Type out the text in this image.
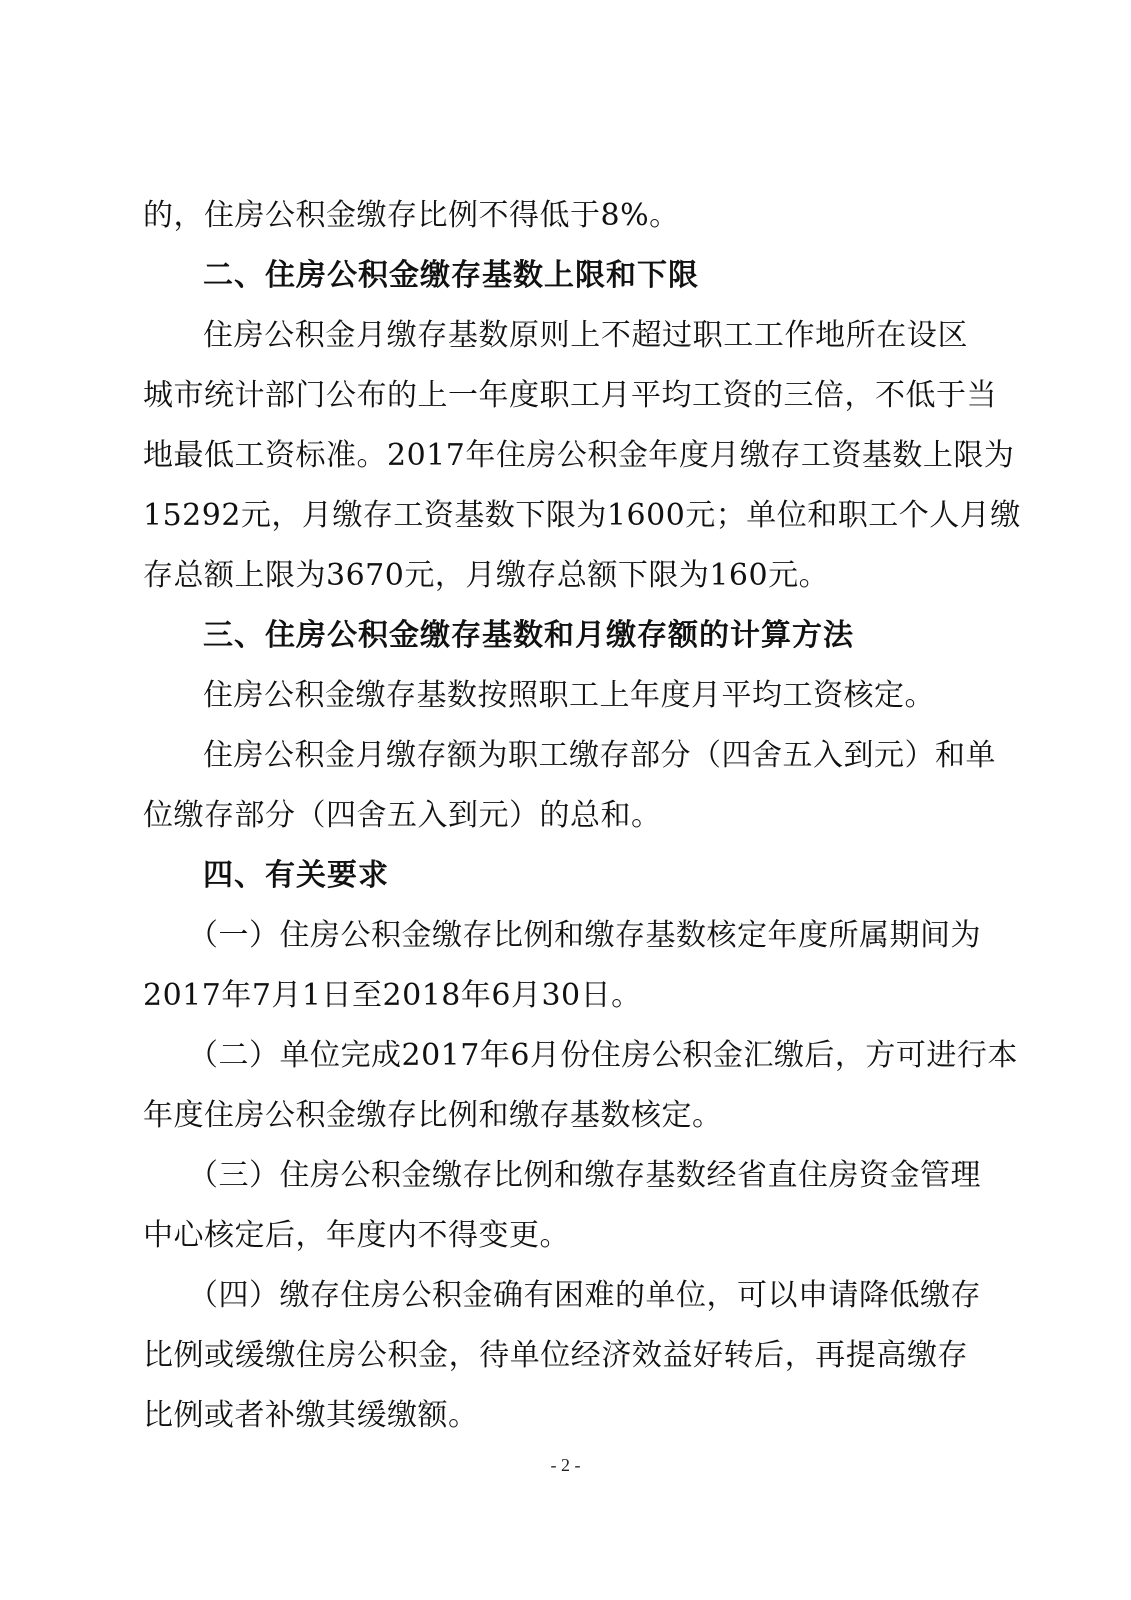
的，住房公积金缴存比例不得低于8%。
二、住房公积金缴存基数上限和下限
住房公积金月缴存基数原则上不超过职工工作地所在设区
城市统计部门公布的上一年度职工月平均工资的三倍，不低于当
地最低工资标准。2017年住房公积金年度月缴存工资基数上限为
15292元，月缴存工资基数下限为1600元；单位和职工个人月缴
存总额上限为3670元，月缴存总额下限为160元。
三、住房公积金缴存基数和月缴存额的计算方法
住房公积金缴存基数按照职工上年度月平均工资核定。
住房公积金月缴存额为职工缴存部分（四舍五入到元）和单
位缴存部分（四舍五入到元）的总和。
四、有关要求
（一）住房公积金缴存比例和缴存基数核定年度所属期间为
2017年7月1日至2018年6月30日。
（二）单位完成2017年6月份住房公积金汇缴后，方可进行本
年度住房公积金缴存比例和缴存基数核定。
（三）住房公积金缴存比例和缴存基数经省直住房资金管理
中心核定后，年度内不得变更。
（四）缴存住房公积金确有困难的单位，可以申请降低缴存
比例或缓缴住房公积金，待单位经济效益好转后，再提高缴存
比例或者补缴其缓缴额。
- 2 -
